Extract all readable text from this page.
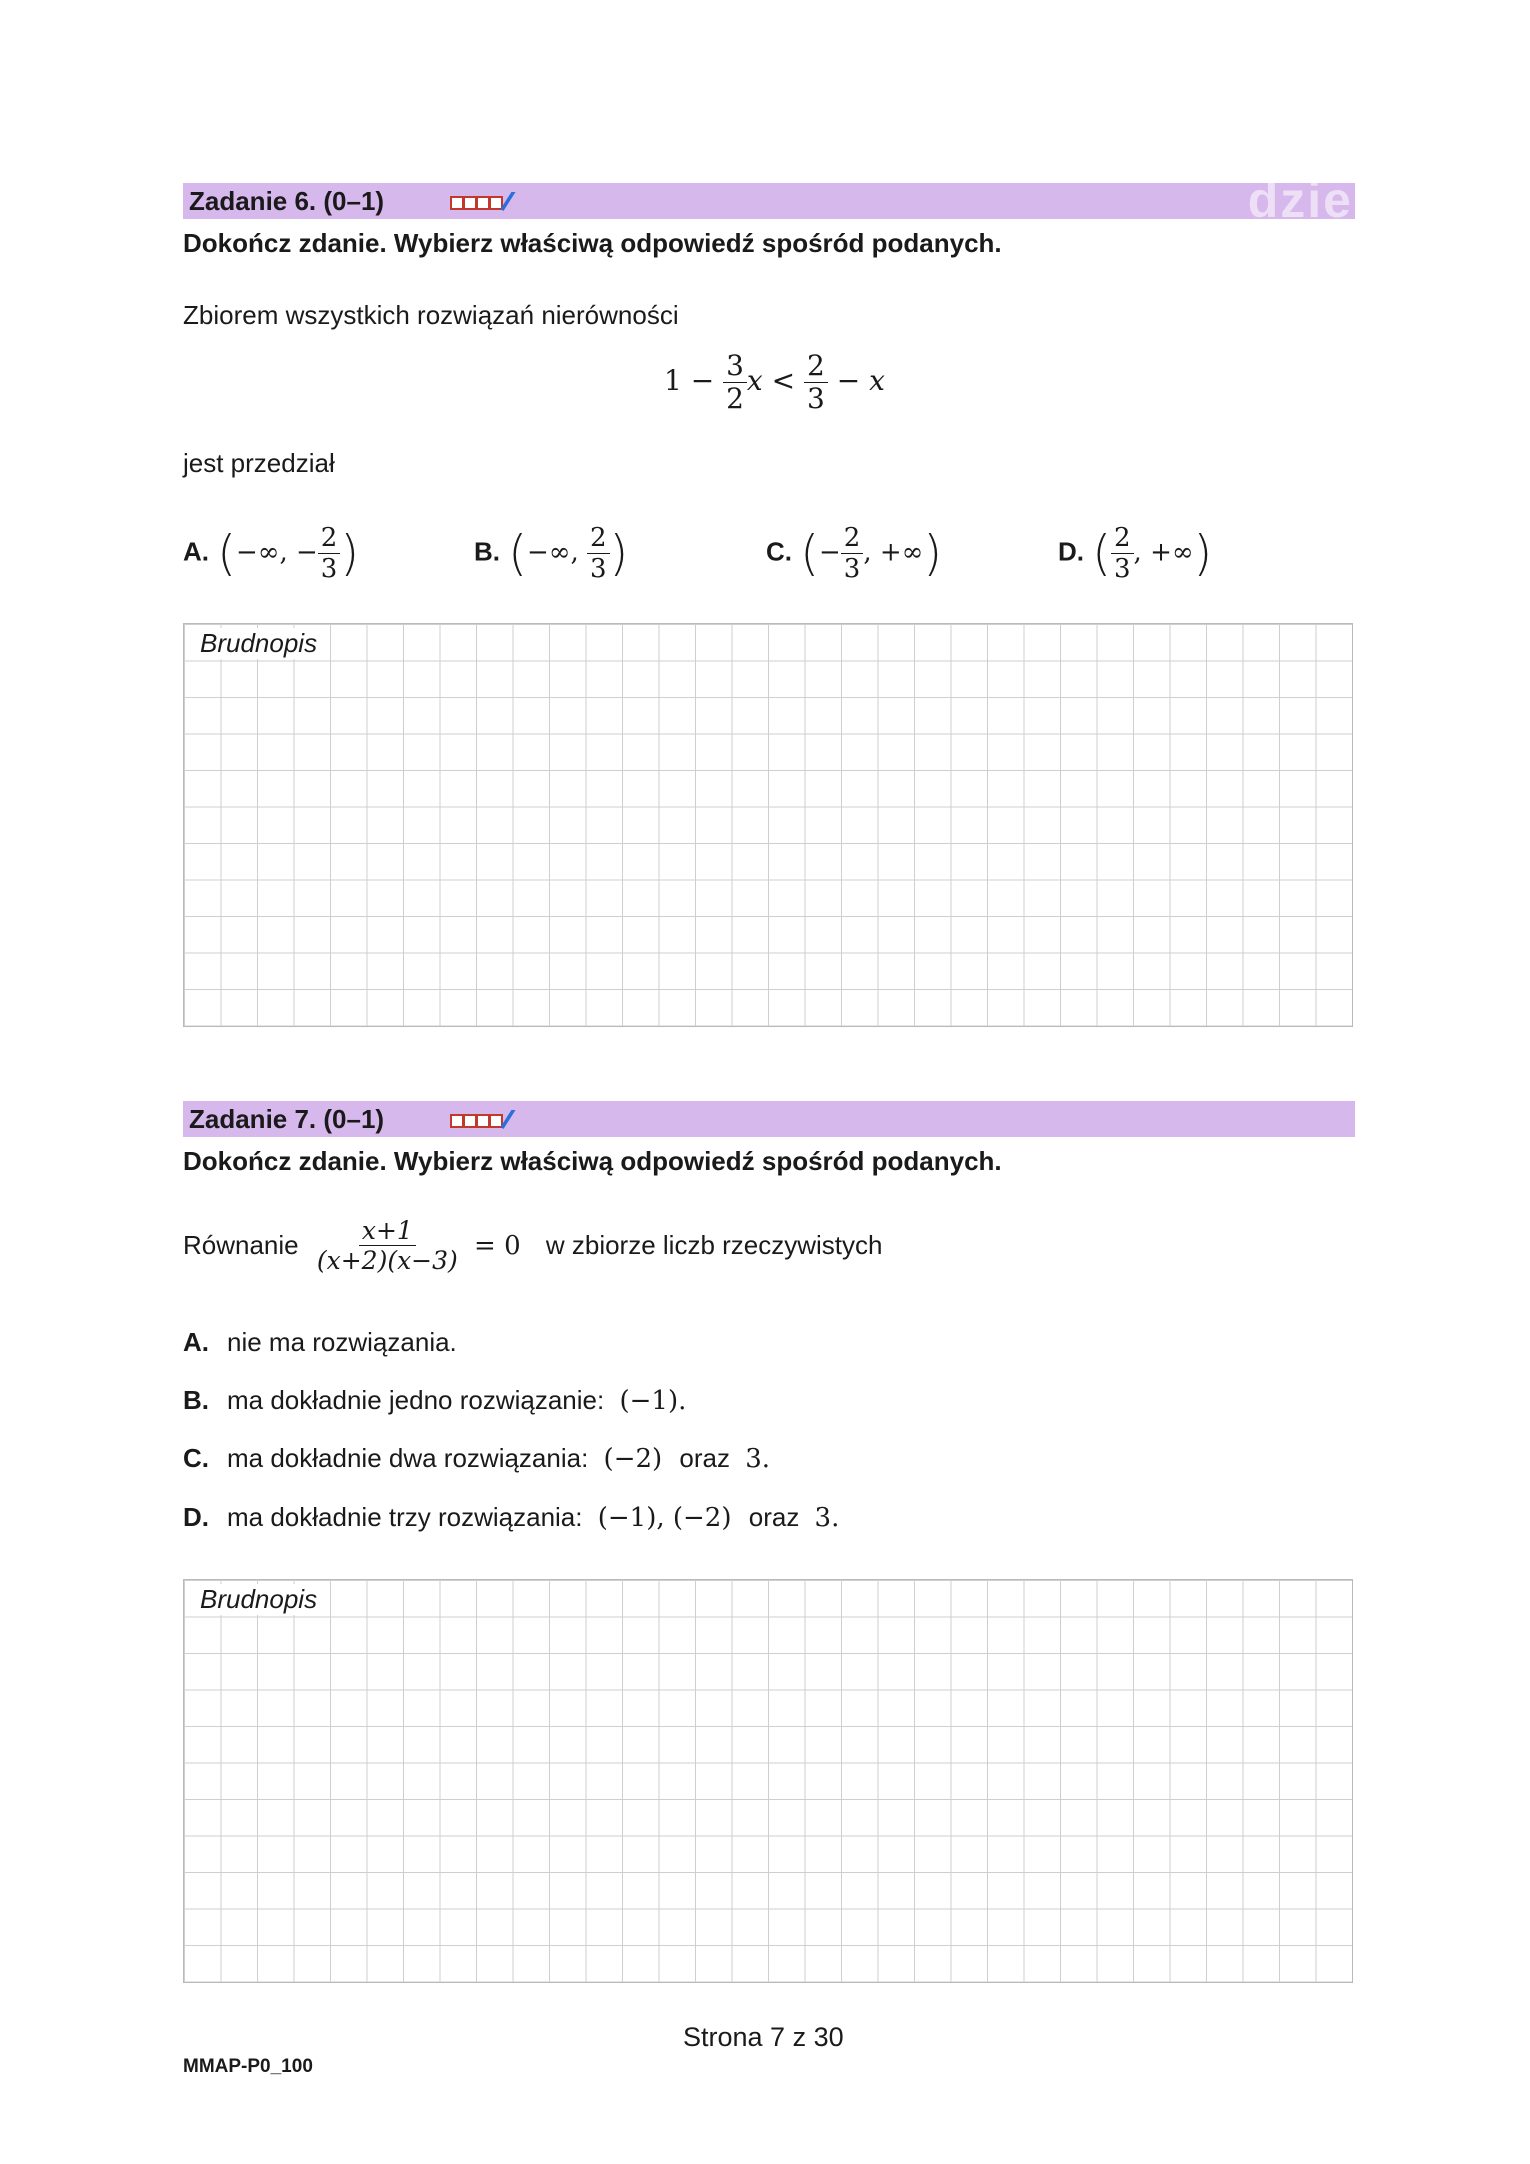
Zadanie 6. (0–1)	dzie
Dokończ zdanie. Wybierz właściwą odpowiedź spośród podanych.
Zbiorem wszystkich rozwiązań nierówności
$1 - \frac{3}{2}$ $x < \frac{2}{3} - x$
jest przedział
A. (−∞, − $\frac{2}{3}$ )	B. (−∞, $\frac{2}{3}$ )	C. (− $\frac{2}{3}$ , +∞)	D. ( $\frac{2}{3}$ , +∞)
Brudnopis
Zadanie 7. (0–1)
Dokończ zdanie. Wybierz właściwą odpowiedź spośród podanych.
Równanie $\frac{x+1}{(x+2)(x-3)} = 0$ w zbiorze liczb rzeczywistych
A. nie ma rozwiązania.
B. ma dokładnie jedno rozwiązanie: (−1).
C. ma dokładnie dwa rozwiązania: (−2) oraz 3.
D. ma dokładnie trzy rozwiązania: (−1), (−2) oraz 3.
Brudnopis
Strona 7 z 30
MMAP-P0_100
